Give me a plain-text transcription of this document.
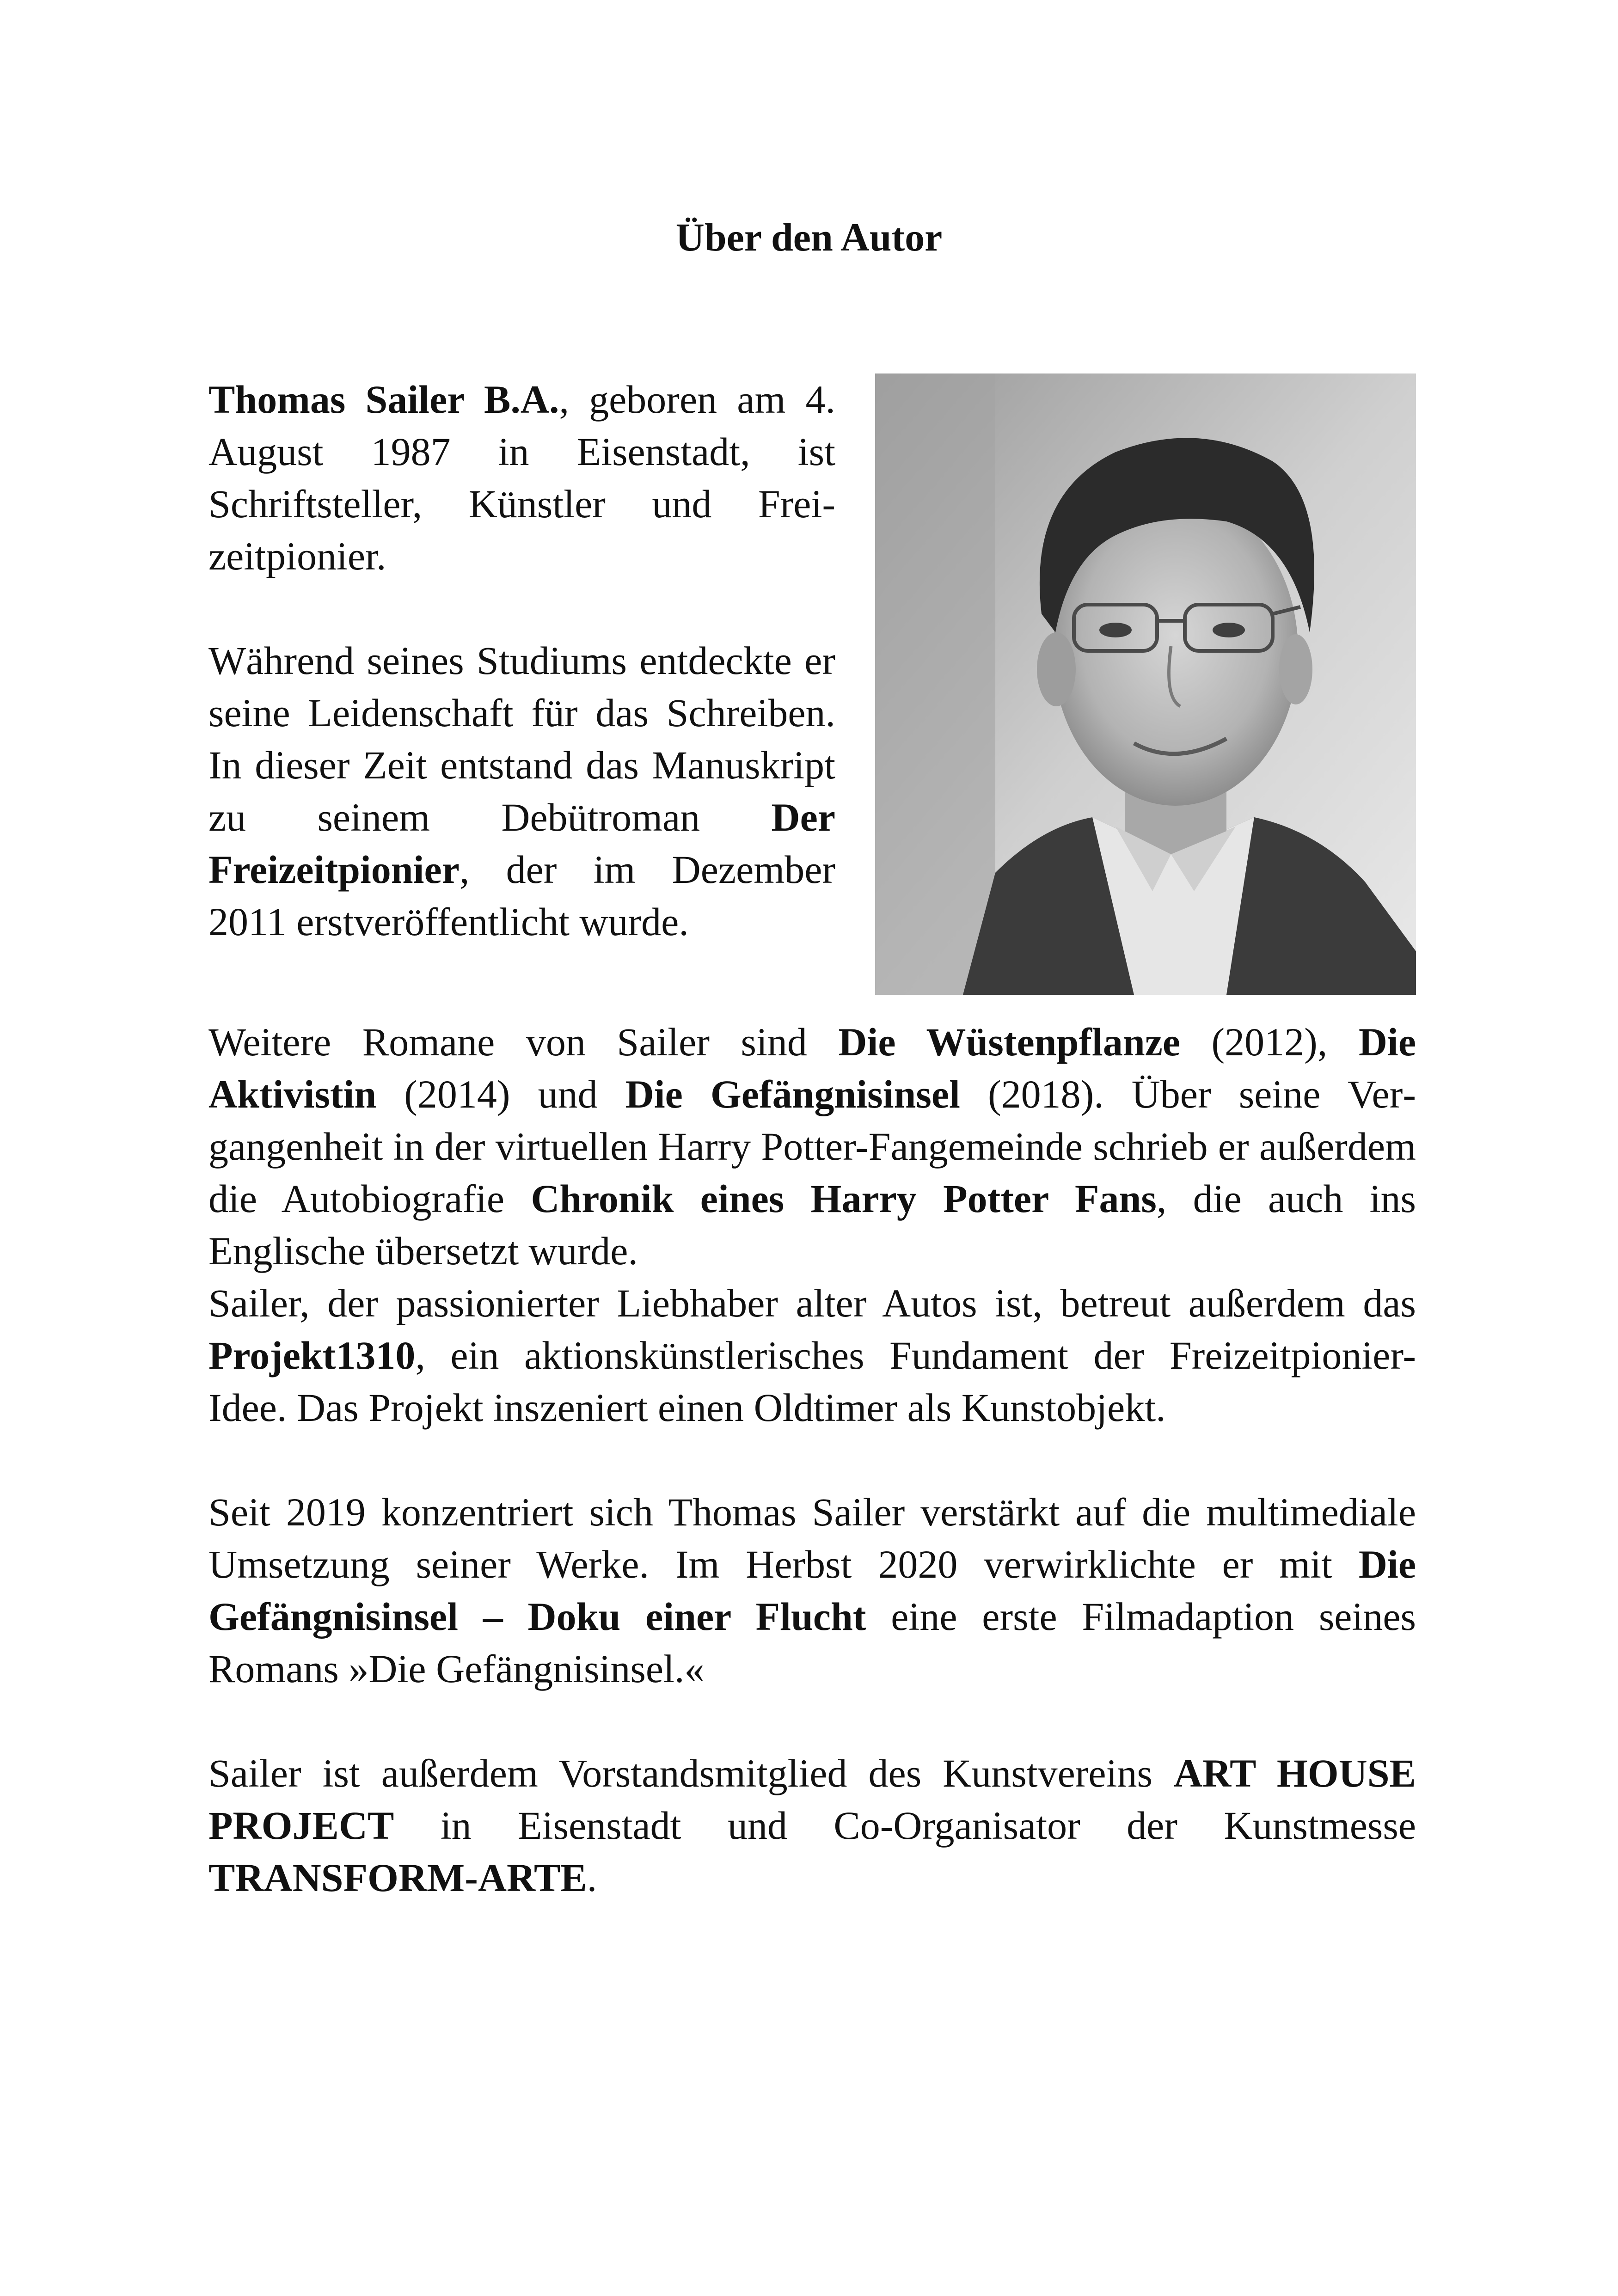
Über den Autor

Thomas Sailer B.A., geboren am 4. August 1987 in Eisenstadt, ist Schriftsteller, Künstler und Freizeitpionier.

Während seines Studiums entdeckte er seine Leidenschaft für das Schreiben. In dieser Zeit entstand das Manuskript zu seinem Debütroman Der Freizeitpionier, der im Dezember 2011 erstveröffentlicht wurde.

Weitere Romane von Sailer sind Die Wüstenpflanze (2012), Die Aktivistin (2014) und Die Gefängnisinsel (2018). Über seine Vergangenheit in der virtuellen Harry Potter-Fangemeinde schrieb er außerdem die Autobiografie Chronik eines Harry Potter Fans, die auch ins Englische übersetzt wurde.

Sailer, der passionierter Liebhaber alter Autos ist, betreut außerdem das Projekt1310, ein aktionskünstlerisches Fundament der Freizeitpionier-Idee. Das Projekt inszeniert einen Oldtimer als Kunstobjekt.

Seit 2019 konzentriert sich Thomas Sailer verstärkt auf die multimediale Umsetzung seiner Werke. Im Herbst 2020 verwirklichte er mit Die Gefängnisinsel – Doku einer Flucht eine erste Filmadaption seines Romans »Die Gefängnisinsel.«

Sailer ist außerdem Vorstandsmitglied des Kunstvereins ART HOUSE PROJECT in Eisenstadt und Co-Organisator der Kunstmesse TRANSFORM-ARTE.
